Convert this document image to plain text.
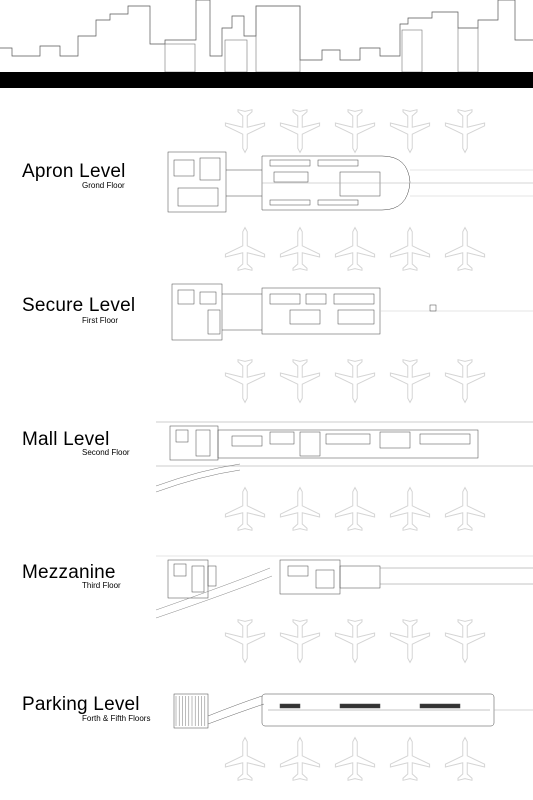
Apron Level
Grond Floor
Secure Level
First Floor
Mall Level
Second Floor
Mezzanine
Third Floor
Parking Level
Forth & Fifth Floors
